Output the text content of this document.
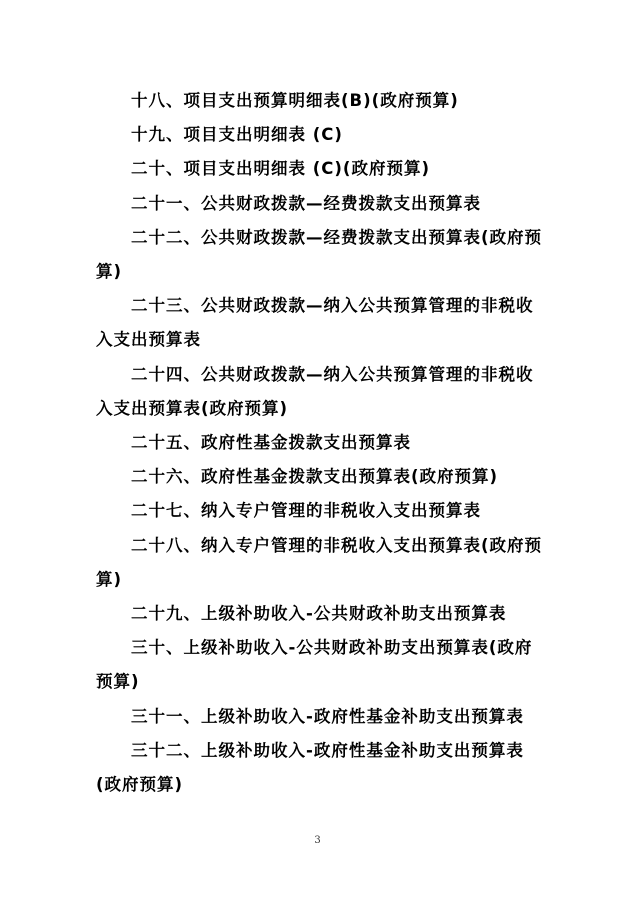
十八、项目支出预算明细表(B)(政府预算)

十九、项目支出明细表 (C)

二十、项目支出明细表 (C)(政府预算)

二十一、公共财政拨款—经费拨款支出预算表

二十二、公共财政拨款—经费拨款支出预算表(政府预算)

二十三、公共财政拨款—纳入公共预算管理的非税收入支出预算表

二十四、公共财政拨款—纳入公共预算管理的非税收入支出预算表(政府预算)

二十五、政府性基金拨款支出预算表

二十六、政府性基金拨款支出预算表(政府预算)

二十七、纳入专户管理的非税收入支出预算表

二十八、纳入专户管理的非税收入支出预算表(政府预算)

二十九、上级补助收入-公共财政补助支出预算表

三十、上级补助收入-公共财政补助支出预算表(政府预算)

三十一、上级补助收入-政府性基金补助支出预算表

三十二、上级补助收入-政府性基金补助支出预算表(政府预算)

3
